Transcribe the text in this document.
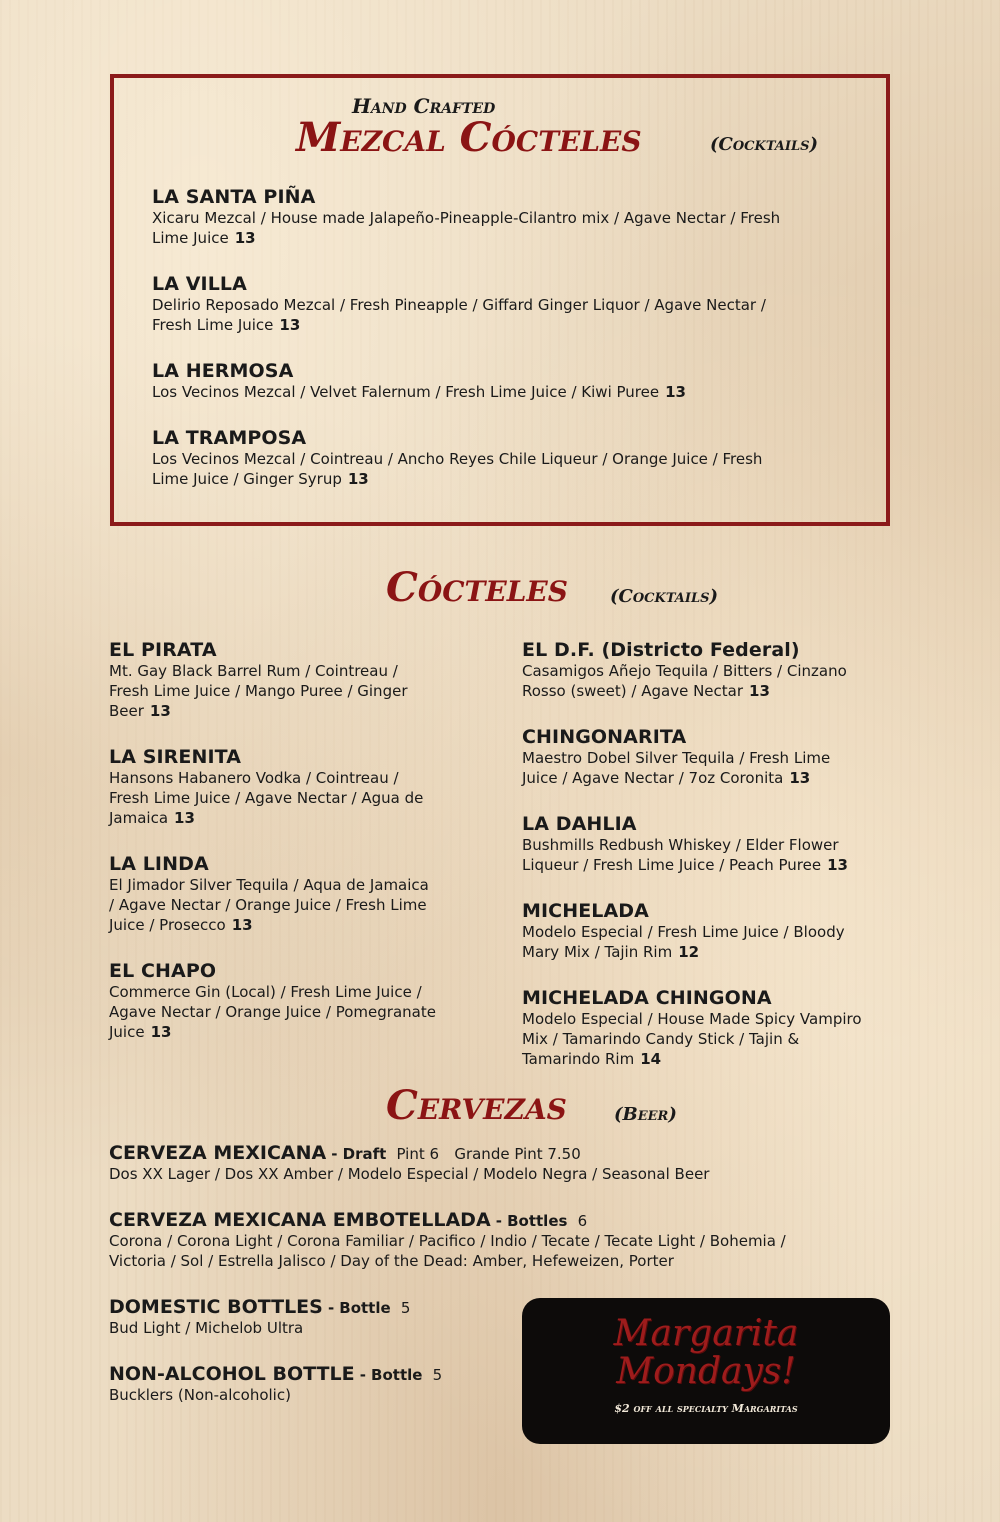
Hand Crafted
Mezcal Cócteles	(Cocktails)
LA SANTA PIÑA
Xicaru Mezcal / House made Jalapeño-Pineapple-Cilantro mix / Agave Nectar / Fresh
Lime Juice 13
LA VILLA
Delirio Reposado Mezcal / Fresh Pineapple / Giffard Ginger Liquor / Agave Nectar /
Fresh Lime Juice 13
LA HERMOSA
Los Vecinos Mezcal / Velvet Falernum / Fresh Lime Juice / Kiwi Puree 13
LA TRAMPOSA
Los Vecinos Mezcal / Cointreau / Ancho Reyes Chile Liqueur / Orange Juice / Fresh
Lime Juice / Ginger Syrup 13
Cócteles (Cocktails)
EL PIRATA
Mt. Gay Black Barrel Rum / Cointreau /
Fresh Lime Juice / Mango Puree / Ginger
Beer 13
LA SIRENITA
Hansons Habanero Vodka / Cointreau /
Fresh Lime Juice / Agave Nectar / Agua de
Jamaica 13
LA LINDA
El Jimador Silver Tequila / Aqua de Jamaica
/ Agave Nectar / Orange Juice / Fresh Lime
Juice / Prosecco 13
EL CHAPO
Commerce Gin (Local) / Fresh Lime Juice /
Agave Nectar / Orange Juice / Pomegranate
Juice 13
EL D.F. (Districto Federal)
Casamigos Añejo Tequila / Bitters / Cinzano
Rosso (sweet) / Agave Nectar 13
CHINGONARITA
Maestro Dobel Silver Tequila / Fresh Lime
Juice / Agave Nectar / 7oz Coronita 13
LA DAHLIA
Bushmills Redbush Whiskey / Elder Flower
Liqueur / Fresh Lime Juice / Peach Puree 13
MICHELADA
Modelo Especial / Fresh Lime Juice / Bloody
Mary Mix / Tajin Rim 12
MICHELADA CHINGONA
Modelo Especial / House Made Spicy Vampiro
Mix / Tamarindo Candy Stick / Tajin &
Tamarindo Rim 14
Cervezas	(Beer)
CERVEZA MEXICANA - Draft Pint 6 Grande Pint 7.50
Dos XX Lager / Dos XX Amber / Modelo Especial / Modelo Negra / Seasonal Beer
CERVEZA MEXICANA EMBOTELLADA - Bottles 6
Corona / Corona Light / Corona Familiar / Pacifico / Indio / Tecate / Tecate Light / Bohemia /
Victoria / Sol / Estrella Jalisco / Day of the Dead: Amber, Hefeweizen, Porter
DOMESTIC BOTTLES - Bottle 5
Bud Light / Michelob Ultra
NON-ALCOHOL BOTTLE - Bottle 5
Bucklers (Non-alcoholic)
Margarita
Mondays!
$2 off all specialty Margaritas
